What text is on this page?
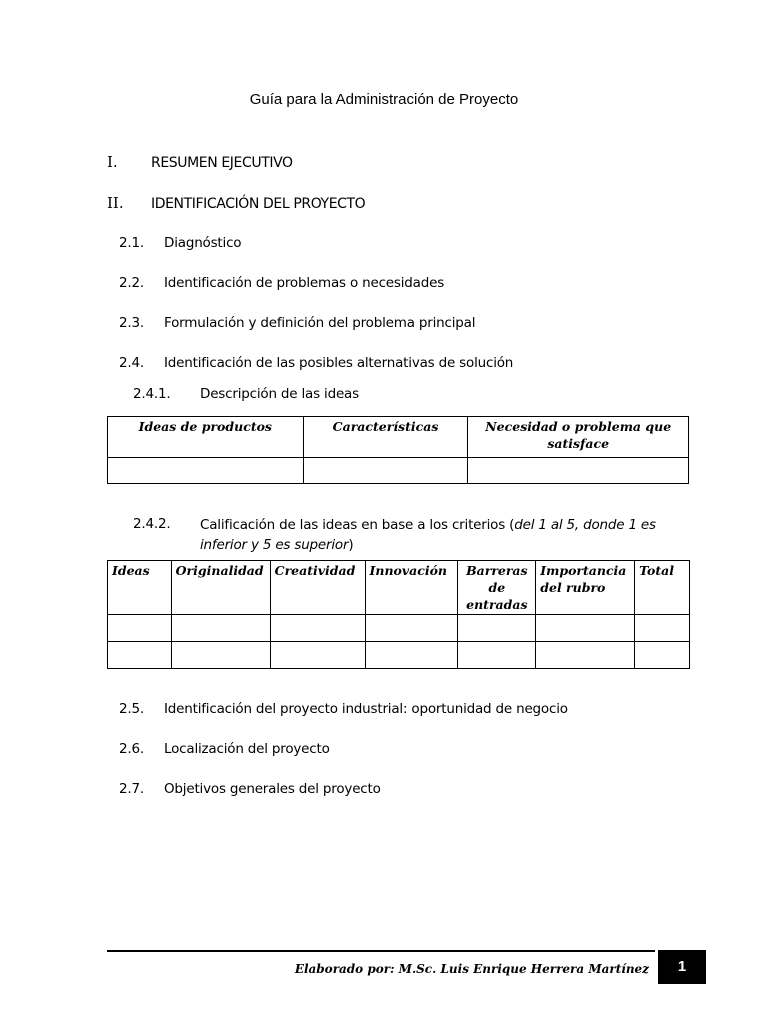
Guía para la Administración de Proyecto
I. RESUMEN EJECUTIVO
II. IDENTIFICACIÓN DEL PROYECTO
2.1. Diagnóstico
2.2. Identificación de problemas o necesidades
2.3. Formulación y definición del problema principal
2.4. Identificación de las posibles alternativas de solución
2.4.1. Descripción de las ideas
Ideas de productos	Características	Necesidad o problema que satisface

2.4.2.	Calificación de las ideas en base a los criterios (del 1 al 5, donde 1 es inferior y 5 es superior)
Ideas	Originalidad	Creatividad	Innovación	Barreras de entradas	Importancia del rubro	Total

2.5. Identificación del proyecto industrial: oportunidad de negocio
2.6. Localización del proyecto
2.7. Objetivos generales del proyecto
Elaborado por: M.Sc. Luis Enrique Herrera Martínez	1
